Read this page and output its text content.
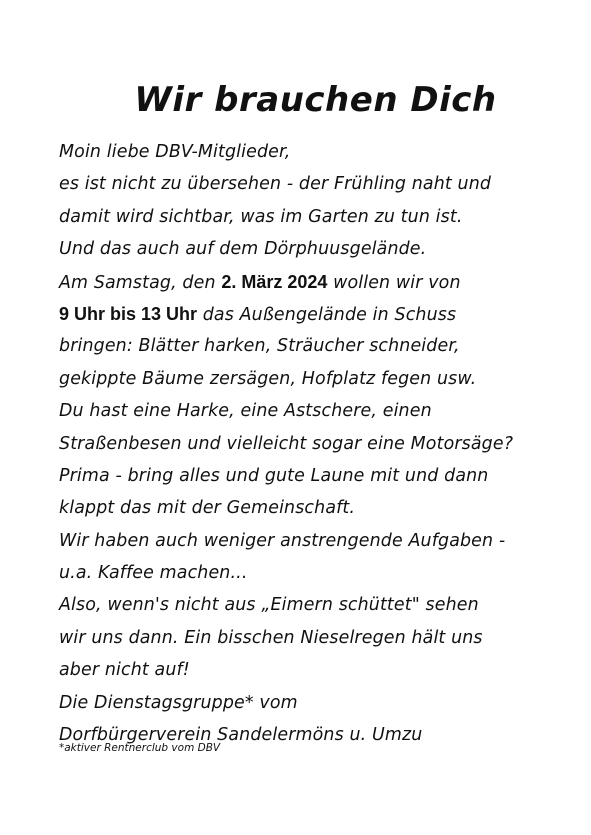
Wir brauchen Dich
Moin liebe DBV-Mitglieder,
es ist nicht zu übersehen - der Frühling naht und
damit wird sichtbar, was im Garten zu tun ist.
Und das auch auf dem Dörphuusgelände.
Am Samstag, den 2. März 2024 wollen wir von
9 Uhr bis 13 Uhr das Außengelände in Schuss
bringen: Blätter harken, Sträucher schneider,
gekippte Bäume zersägen, Hofplatz fegen usw.
Du hast eine Harke, eine Astschere, einen
Straßenbesen und vielleicht sogar eine Motorsäge?
Prima - bring alles und gute Laune mit und dann
klappt das mit der Gemeinschaft.
Wir haben auch weniger anstrengende Aufgaben -
u.a. Kaffee machen...
Also, wenn's nicht aus „Eimern schüttet" sehen
wir uns dann. Ein bisschen Nieselregen hält uns
aber nicht auf!
Die Dienstagsgruppe* vom
Dorfbürgerverein Sandelermöns u. Umzu
*aktiver Rentnerclub vom DBV
